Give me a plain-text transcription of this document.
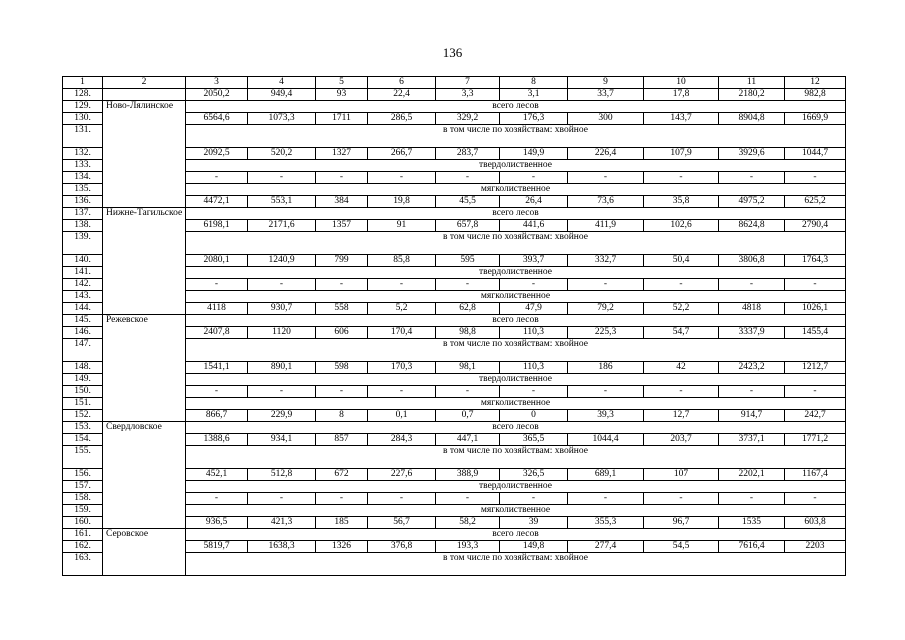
136
1	2	3	4	5	6	7	8	9	10	11	12
128.		2050,2	949,4	93	22,4	3,3	3,1	33,7	17,8	2180,2	982,8
129.	Ново-Лялинское	всего лесов									
130.		6564,6	1073,3	1711	286,5	329,2	176,3	300	143,7	8904,8	1669,9
131.		в том числе по хозяйствам: хвойное									
132.		2092,5	520,2	1327	266,7	283,7	149,9	226,4	107,9	3929,6	1044,7
133.		твердолиственное									
134.		-	-	-	-	-	-	-	-	-	-
135.		мягколиственное									
136.		4472,1	553,1	384	19,8	45,5	26,4	73,6	35,8	4975,2	625,2
137.	Нижне-Тагильское	всего лесов									
138.		6198,1	2171,6	1357	91	657,8	441,6	411,9	102,6	8624,8	2790,4
139.		в том числе по хозяйствам: хвойное									
140.		2080,1	1240,9	799	85,8	595	393,7	332,7	50,4	3806,8	1764,3
141.		твердолиственное									
142.		-	-	-	-	-	-	-	-	-	-
143.		мягколиственное									
144.		4118	930,7	558	5,2	62,8	47,9	79,2	52,2	4818	1026,1
145.	Режевское	всего лесов									
146.		2407,8	1120	606	170,4	98,8	110,3	225,3	54,7	3337,9	1455,4
147.		в том числе по хозяйствам: хвойное									
148.		1541,1	890,1	598	170,3	98,1	110,3	186	42	2423,2	1212,7
149.		твердолиственное									
150.		-	-	-	-	-	-	-	-	-	-
151.		мягколиственное									
152.		866,7	229,9	8	0,1	0,7	0	39,3	12,7	914,7	242,7
153.	Свердловское	всего лесов									
154.		1388,6	934,1	857	284,3	447,1	365,5	1044,4	203,7	3737,1	1771,2
155.		в том числе по хозяйствам: хвойное									
156.		452,1	512,8	672	227,6	388,9	326,5	689,1	107	2202,1	1167,4
157.		твердолиственное									
158.		-	-	-	-	-	-	-	-	-	-
159.		мягколиственное									
160.		936,5	421,3	185	56,7	58,2	39	355,3	96,7	1535	603,8
161.	Серовское	всего лесов									
162.		5819,7	1638,3	1326	376,8	193,3	149,8	277,4	54,5	7616,4	2203
163.		в том числе по хозяйствам: хвойное									
